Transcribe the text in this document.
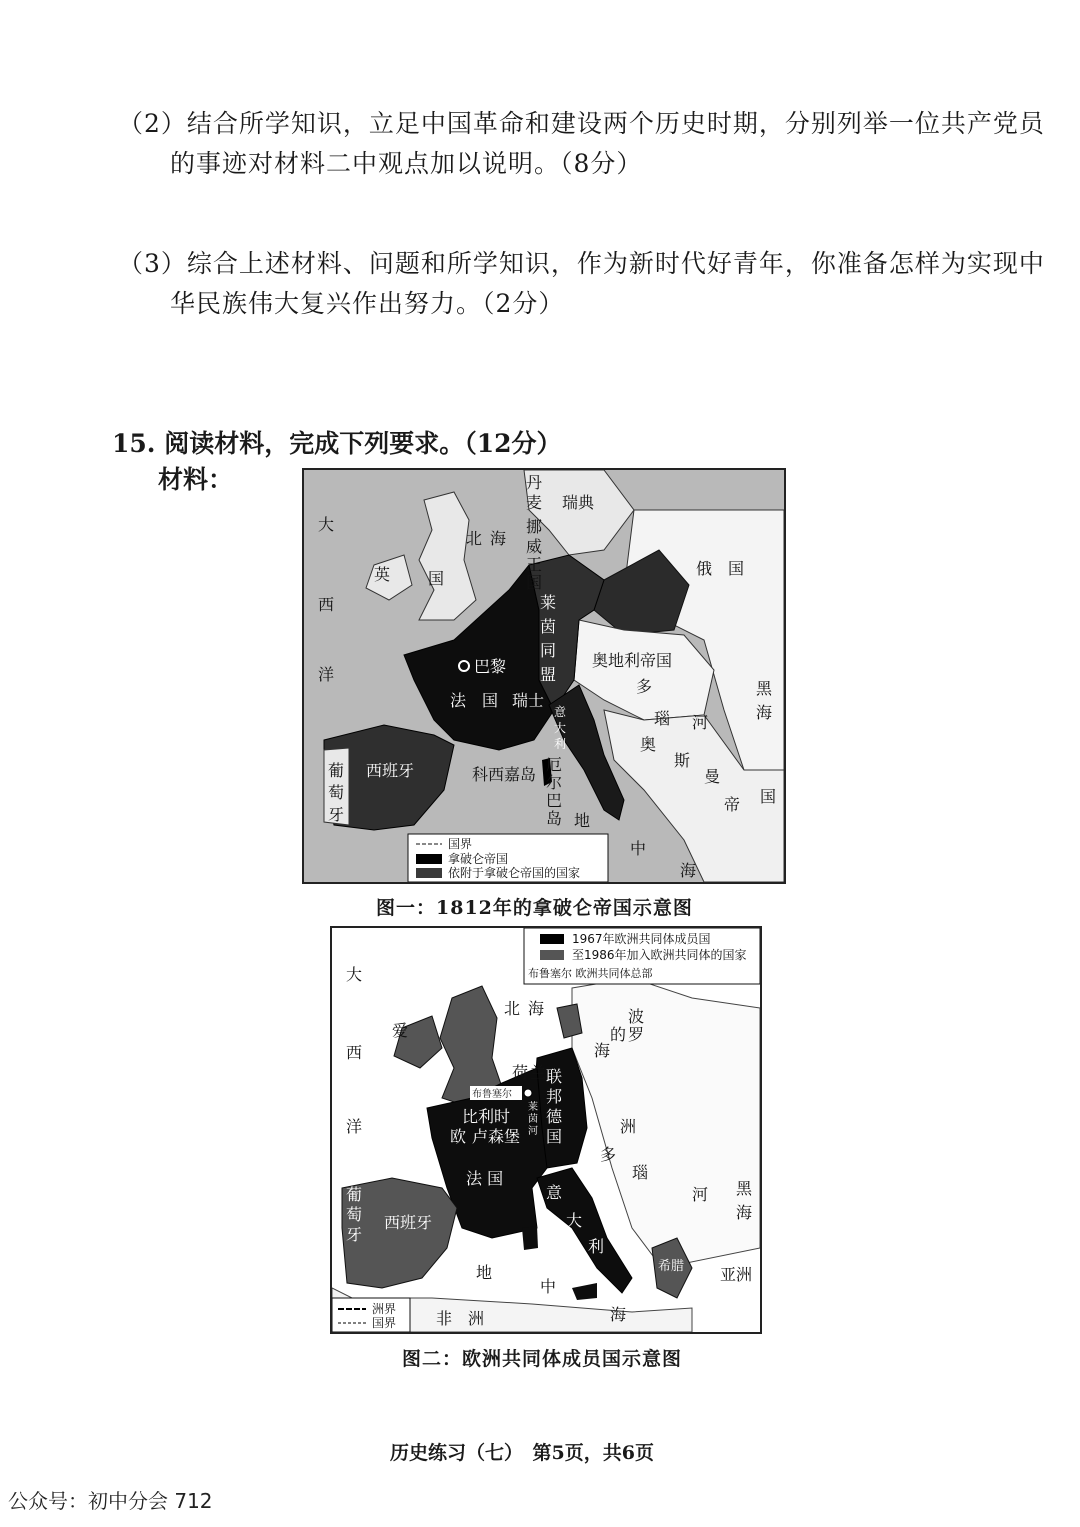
（2）结合所学知识，立足中国革命和建设两个历史时期，分别列举一位共产党员
的事迹对材料二中观点加以说明。（8分）
（3）综合上述材料、问题和所学知识，作为新时代好青年，你准备怎样为实现中
华民族伟大复兴作出努力。（2分）
15. 阅读材料，完成下列要求。（12分）
材料：
大
西
洋
英 国
北 海
丹
麦 瑞典
挪
威
王
国
俄　国
莱
茵
同
盟
奥地利帝国
巴黎
法　国 瑞士
多
瑙 河
意
大
利
黑
海
奥
斯
曼
帝 国
葡
萄
牙
西班牙	科西嘉岛
厄
尔
巴
岛 地
中
海
国界
拿破仑帝国
依附于拿破仑帝国的国家
图一：1812年的拿破仑帝国示意图
大
西
洋
爱
北 海	波
罗
的
海
荷 兰 联
邦
德
国
布鲁塞尔
比利时
欧 卢森堡
莱
茵
河	洲
多
瑙
河
法 国
意
大
利
黑
海
葡
萄
牙
西班牙
地
中
海
希腊 亚洲
非　洲
1967年欧洲共同体成员国
至1986年加入欧洲共同体的国家
布鲁塞尔 欧洲共同体总部
洲界
国界
图二：欧洲共同体成员国示意图
历史练习（七）　第5页，共6页
公众号：初中分会 712
